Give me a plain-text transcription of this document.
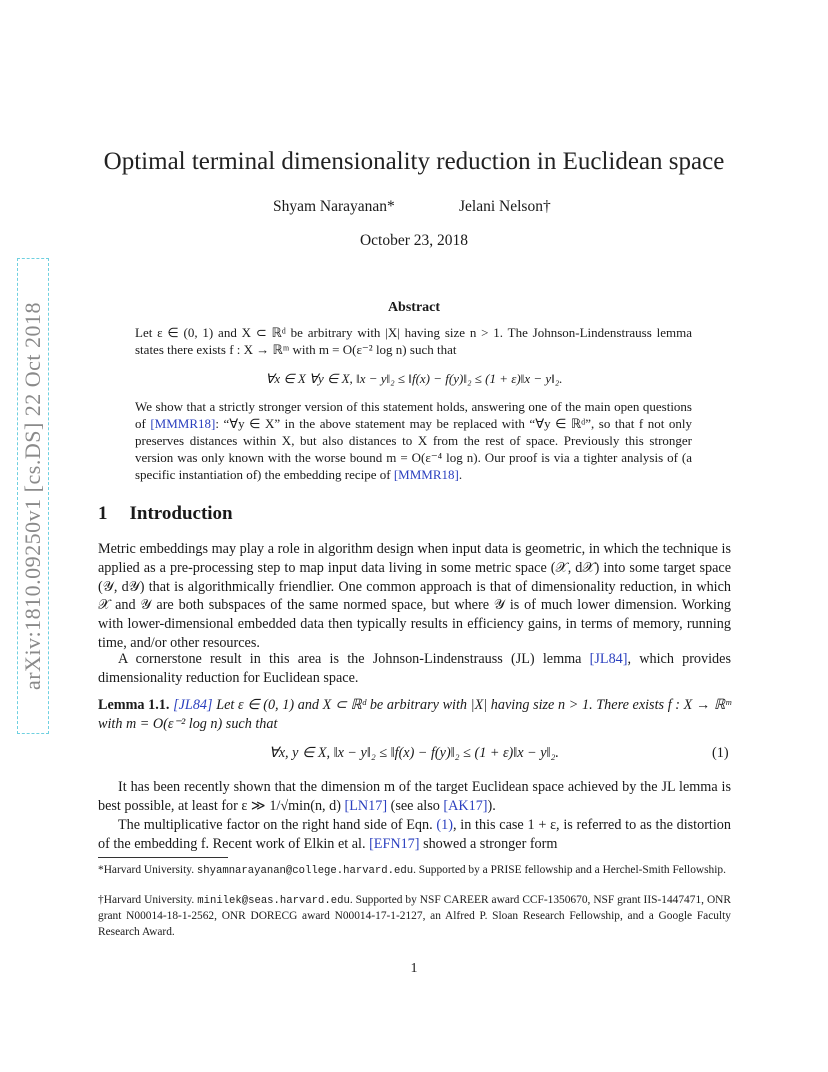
arXiv:1810.09250v1 [cs.DS] 22 Oct 2018
Optimal terminal dimensionality reduction in Euclidean space
Shyam Narayanan*	Jelani Nelson†
October 23, 2018
Abstract
Let ε ∈ (0, 1) and X ⊂ ℝᵈ be arbitrary with |X| having size n > 1. The Johnson-Lindenstrauss lemma states there exists f : X → ℝᵐ with m = O(ε⁻² log n) such that
∀x ∈ X ∀y ∈ X, ‖x − y‖₂ ≤ ‖f(x) − f(y)‖₂ ≤ (1 + ε)‖x − y‖₂.
We show that a strictly stronger version of this statement holds, answering one of the main open questions of [MMMR18]: “∀y ∈ X” in the above statement may be replaced with “∀y ∈ ℝᵈ”, so that f not only preserves distances within X, but also distances to X from the rest of space. Previously this stronger version was only known with the worse bound m = O(ε⁻⁴ log n). Our proof is via a tighter analysis of (a specific instantiation of) the embedding recipe of [MMMR18].
1 Introduction
Metric embeddings may play a role in algorithm design when input data is geometric, in which the technique is applied as a pre-processing step to map input data living in some metric space (𝒳, d𝒳) into some target space (𝒴, d𝒴) that is algorithmically friendlier. One common approach is that of dimensionality reduction, in which 𝒳 and 𝒴 are both subspaces of the same normed space, but where 𝒴 is of much lower dimension. Working with lower-dimensional embedded data then typically results in efficiency gains, in terms of memory, running time, and/or other resources.
A cornerstone result in this area is the Johnson-Lindenstrauss (JL) lemma [JL84], which provides dimensionality reduction for Euclidean space.
Lemma 1.1. [JL84] Let ε ∈ (0, 1) and X ⊂ ℝᵈ be arbitrary with |X| having size n > 1. There exists f : X → ℝᵐ with m = O(ε⁻² log n) such that
∀x, y ∈ X, ‖x − y‖₂ ≤ ‖f(x) − f(y)‖₂ ≤ (1 + ε)‖x − y‖₂.	(1)
It has been recently shown that the dimension m of the target Euclidean space achieved by the JL lemma is best possible, at least for ε ≫ 1/√min(n, d) [LN17] (see also [AK17]).
The multiplicative factor on the right hand side of Eqn. (1), in this case 1 + ε, is referred to as the distortion of the embedding f. Recent work of Elkin et al. [EFN17] showed a stronger form
*Harvard University. shyamnarayanan@college.harvard.edu. Supported by a PRISE fellowship and a Herchel-Smith Fellowship.
†Harvard University. minilek@seas.harvard.edu. Supported by NSF CAREER award CCF-1350670, NSF grant IIS-1447471, ONR grant N00014-18-1-2562, ONR DORECG award N00014-17-1-2127, an Alfred P. Sloan Research Fellowship, and a Google Faculty Research Award.
1
